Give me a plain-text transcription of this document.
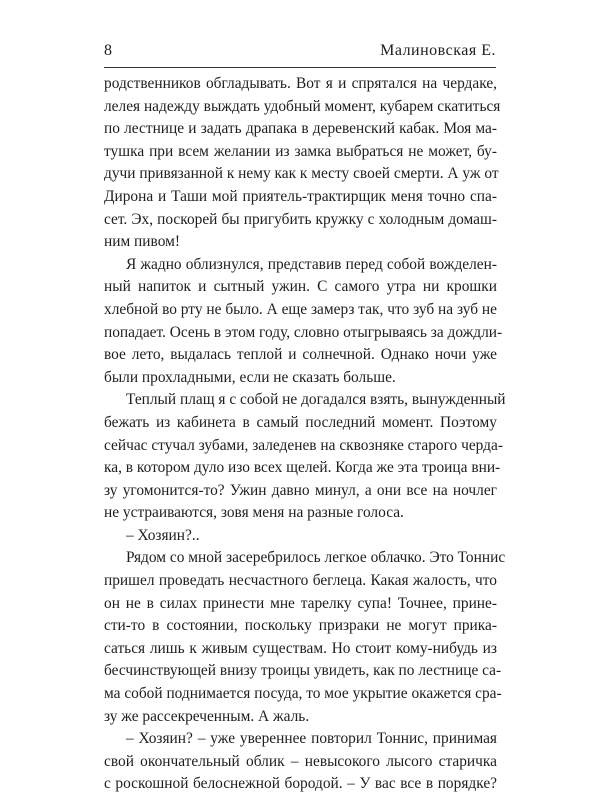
8	Малиновская Е.
родственников обгладывать. Вот я и спрятался на чердаке,
лелея надежду выждать удобный момент, кубарем скатиться
по лестнице и задать драпака в деревенский кабак. Моя ма-
тушка при всем желании из замка выбраться не может, бу-
дучи привязанной к нему как к месту своей смерти. А уж от
Дирона и Таши мой приятель-трактирщик меня точно спа-
сет. Эх, поскорей бы пригубить кружку с холодным домаш-
ним пивом!
Я жадно облизнулся, представив перед собой вожделен-
ный напиток и сытный ужин. С самого утра ни крошки
хлебной во рту не было. А еще замерз так, что зуб на зуб не
попадает. Осень в этом году, словно отыгрываясь за дождли-
вое лето, выдалась теплой и солнечной. Однако ночи уже
были прохладными, если не сказать больше.
Теплый плащ я с собой не догадался взять, вынужденный
бежать из кабинета в самый последний момент. Поэтому
сейчас стучал зубами, заледенев на сквозняке старого черда-
ка, в котором дуло изо всех щелей. Когда же эта троица вни-
зу угомонится-то? Ужин давно минул, а они все на ночлег
не устраиваются, зовя меня на разные голоса.
– Хозяин?..
Рядом со мной засеребрилось легкое облачко. Это Тоннис
пришел проведать несчастного беглеца. Какая жалость, что
он не в силах принести мне тарелку супа! Точнее, прине-
сти-то в состоянии, поскольку призраки не могут прика-
саться лишь к живым существам. Но стоит кому-нибудь из
бесчинствующей внизу троицы увидеть, как по лестнице са-
ма собой поднимается посуда, то мое укрытие окажется сра-
зу же рассекреченным. А жаль.
– Хозяин? – уже увереннее повторил Тоннис, принимая
свой окончательный облик – невысокого лысого старичка
с роскошной белоснежной бородой. – У вас все в порядке?
